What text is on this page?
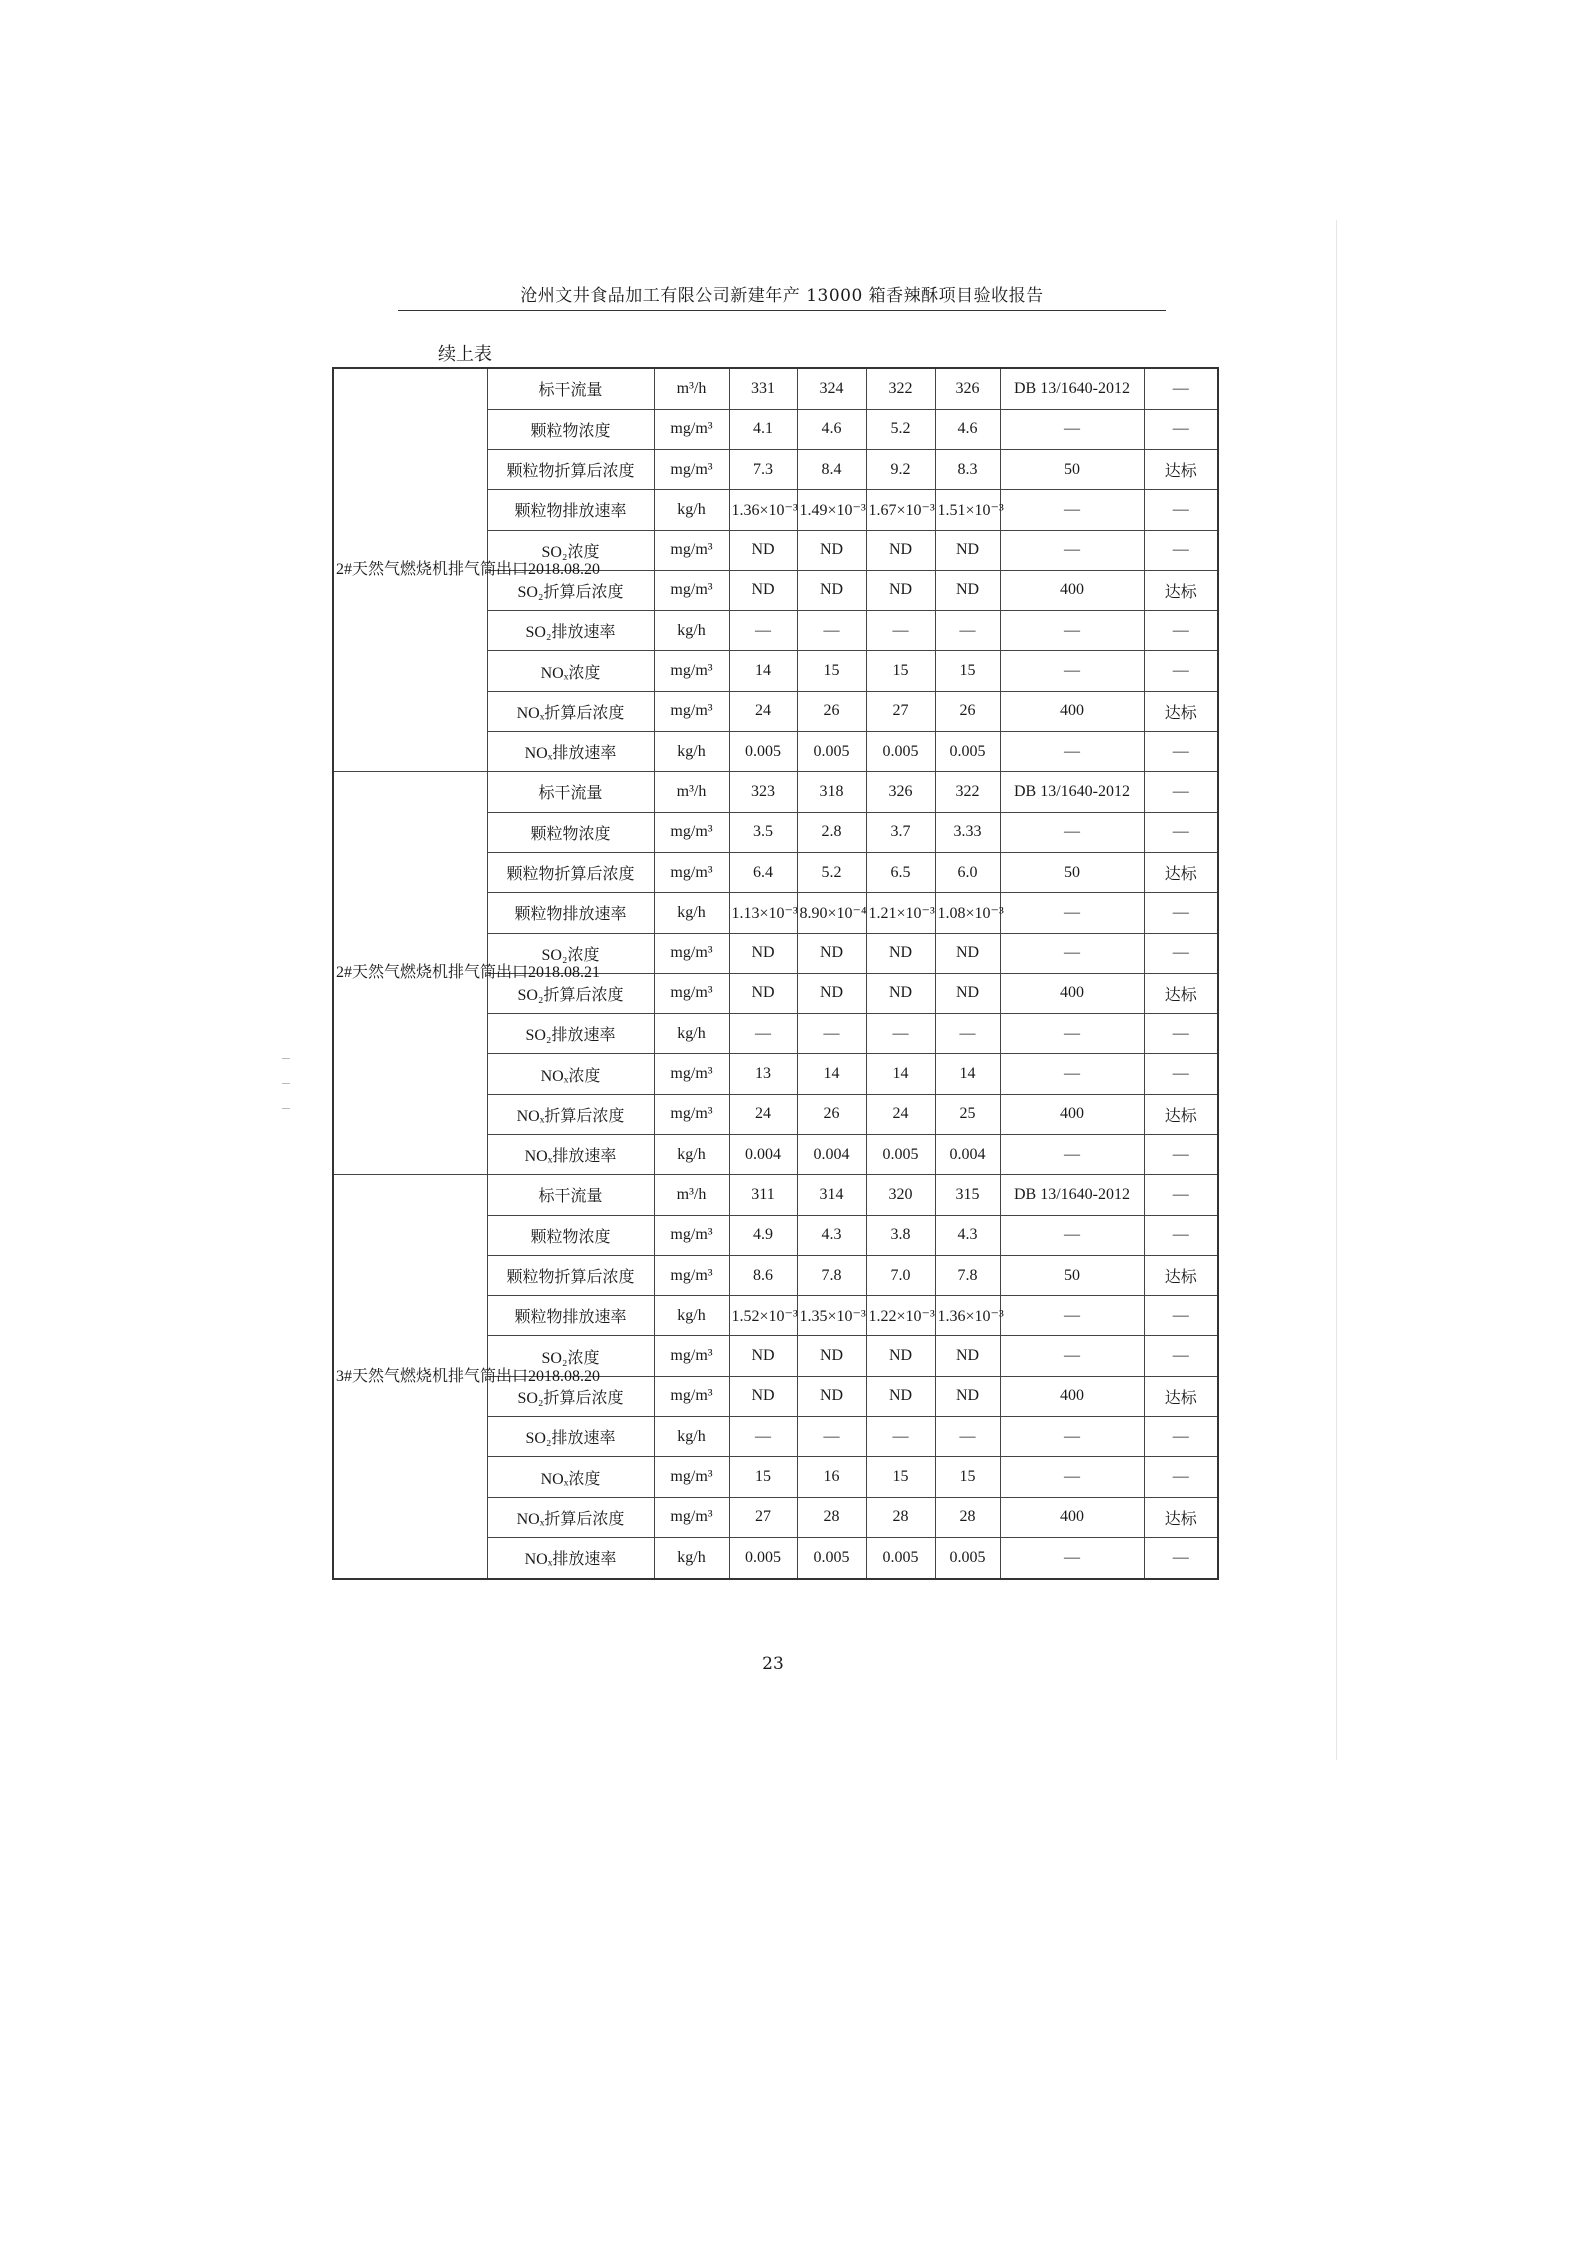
沧州文井食品加工有限公司新建年产 13000 箱香辣酥项目验收报告
续上表
2#天然气燃烧机排气筒出口2018.08.20	标干流量	m³/h	331	324	322	326	DB 13/1640-2012	—
	颗粒物浓度	mg/m³	4.1	4.6	5.2	4.6	—	—
	颗粒物折算后浓度	mg/m³	7.3	8.4	9.2	8.3	50	达标
	颗粒物排放速率	kg/h	1.36×10⁻³	1.49×10⁻³	1.67×10⁻³	1.51×10⁻³	—	—
	SO₂浓度	mg/m³	ND	ND	ND	ND	—	—
	SO₂折算后浓度	mg/m³	ND	ND	ND	ND	400	达标
	SO₂排放速率	kg/h	—	—	—	—	—	—
	NOₓ浓度	mg/m³	14	15	15	15	—	—
	NOₓ折算后浓度	mg/m³	24	26	27	26	400	达标
	NOₓ排放速率	kg/h	0.005	0.005	0.005	0.005	—	—
2#天然气燃烧机排气筒出口2018.08.21	标干流量	m³/h	323	318	326	322	DB 13/1640-2012	—
	颗粒物浓度	mg/m³	3.5	2.8	3.7	3.33	—	—
	颗粒物折算后浓度	mg/m³	6.4	5.2	6.5	6.0	50	达标
	颗粒物排放速率	kg/h	1.13×10⁻³	8.90×10⁻⁴	1.21×10⁻³	1.08×10⁻³	—	—
	SO₂浓度	mg/m³	ND	ND	ND	ND	—	—
	SO₂折算后浓度	mg/m³	ND	ND	ND	ND	400	达标
	SO₂排放速率	kg/h	—	—	—	—	—	—
	NOₓ浓度	mg/m³	13	14	14	14	—	—
	NOₓ折算后浓度	mg/m³	24	26	24	25	400	达标
	NOₓ排放速率	kg/h	0.004	0.004	0.005	0.004	—	—
3#天然气燃烧机排气筒出口2018.08.20	标干流量	m³/h	311	314	320	315	DB 13/1640-2012	—
	颗粒物浓度	mg/m³	4.9	4.3	3.8	4.3	—	—
	颗粒物折算后浓度	mg/m³	8.6	7.8	7.0	7.8	50	达标
	颗粒物排放速率	kg/h	1.52×10⁻³	1.35×10⁻³	1.22×10⁻³	1.36×10⁻³	—	—
	SO₂浓度	mg/m³	ND	ND	ND	ND	—	—
	SO₂折算后浓度	mg/m³	ND	ND	ND	ND	400	达标
	SO₂排放速率	kg/h	—	—	—	—	—	—
	NOₓ浓度	mg/m³	15	16	15	15	—	—
	NOₓ折算后浓度	mg/m³	27	28	28	28	400	达标
	NOₓ排放速率	kg/h	0.005	0.005	0.005	0.005	—	—
23
